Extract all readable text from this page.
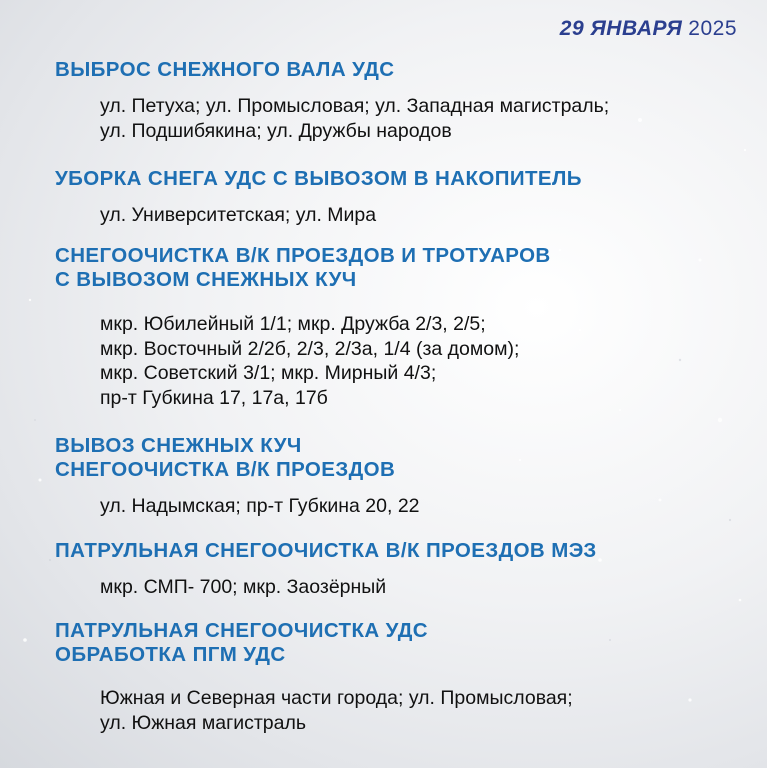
29 ЯНВАРЯ 2025
ВЫБРОС СНЕЖНОГО ВАЛА УДС
ул. Петуха; ул. Промысловая; ул. Западная магистраль;
ул. Подшибякина; ул. Дружбы народов
УБОРКА СНЕГА УДС С ВЫВОЗОМ В НАКОПИТЕЛЬ
ул. Университетская; ул. Мира
СНЕГООЧИСТКА В/К ПРОЕЗДОВ И ТРОТУАРОВ
С ВЫВОЗОМ СНЕЖНЫХ КУЧ
мкр. Юбилейный 1/1; мкр. Дружба 2/3, 2/5;
мкр. Восточный 2/2б, 2/3, 2/3а, 1/4 (за домом);
мкр. Советский 3/1; мкр. Мирный 4/3;
пр-т Губкина 17, 17а, 17б
ВЫВОЗ СНЕЖНЫХ КУЧ
СНЕГООЧИСТКА В/К ПРОЕЗДОВ
ул. Надымская; пр-т Губкина 20, 22
ПАТРУЛЬНАЯ СНЕГООЧИСТКА В/К ПРОЕЗДОВ МЭЗ
мкр. СМП- 700; мкр. Заозёрный
ПАТРУЛЬНАЯ СНЕГООЧИСТКА УДС
ОБРАБОТКА ПГМ УДС
Южная и Северная части города; ул. Промысловая;
ул. Южная магистраль
